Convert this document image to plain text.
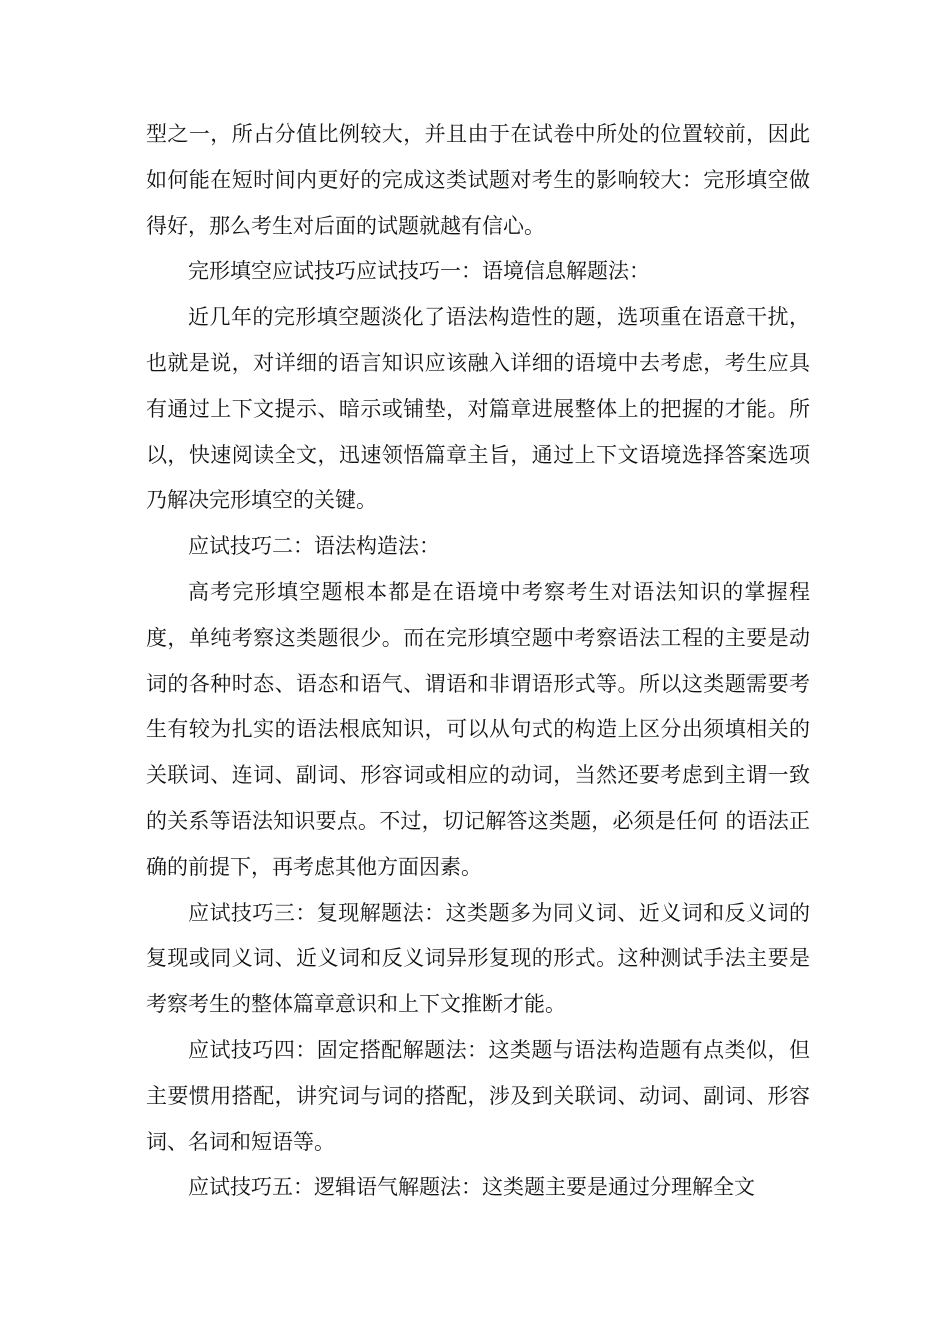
型之一，所占分值比例较大，并且由于在试卷中所处的位置较前，因此如何能在短时间内更好的完成这类试题对考生的影响较大：完形填空做得好，那么考生对后面的试题就越有信心。

完形填空应试技巧应试技巧一：语境信息解题法：

近几年的完形填空题淡化了语法构造性的题，选项重在语意干扰，也就是说，对详细的语言知识应该融入详细的语境中去考虑，考生应具有通过上下文提示、暗示或铺垫，对篇章进展整体上的把握的才能。所以，快速阅读全文，迅速领悟篇章主旨，通过上下文语境选择答案选项乃解决完形填空的关键。

应试技巧二：语法构造法：

高考完形填空题根本都是在语境中考察考生对语法知识的掌握程度，单纯考察这类题很少。而在完形填空题中考察语法工程的主要是动词的各种时态、语态和语气、谓语和非谓语形式等。所以这类题需要考生有较为扎实的语法根底知识，可以从句式的构造上区分出须填相关的关联词、连词、副词、形容词或相应的动词，当然还要考虑到主谓一致的关系等语法知识要点。不过，切记解答这类题，必须是任何 的语法正确的前提下，再考虑其他方面因素。

应试技巧三：复现解题法：这类题多为同义词、近义词和反义词的复现或同义词、近义词和反义词异形复现的形式。这种测试手法主要是考察考生的整体篇章意识和上下文推断才能。

应试技巧四：固定搭配解题法：这类题与语法构造题有点类似，但主要惯用搭配，讲究词与词的搭配，涉及到关联词、动词、副词、形容词、名词和短语等。

应试技巧五：逻辑语气解题法：这类题主要是通过分理解全文
